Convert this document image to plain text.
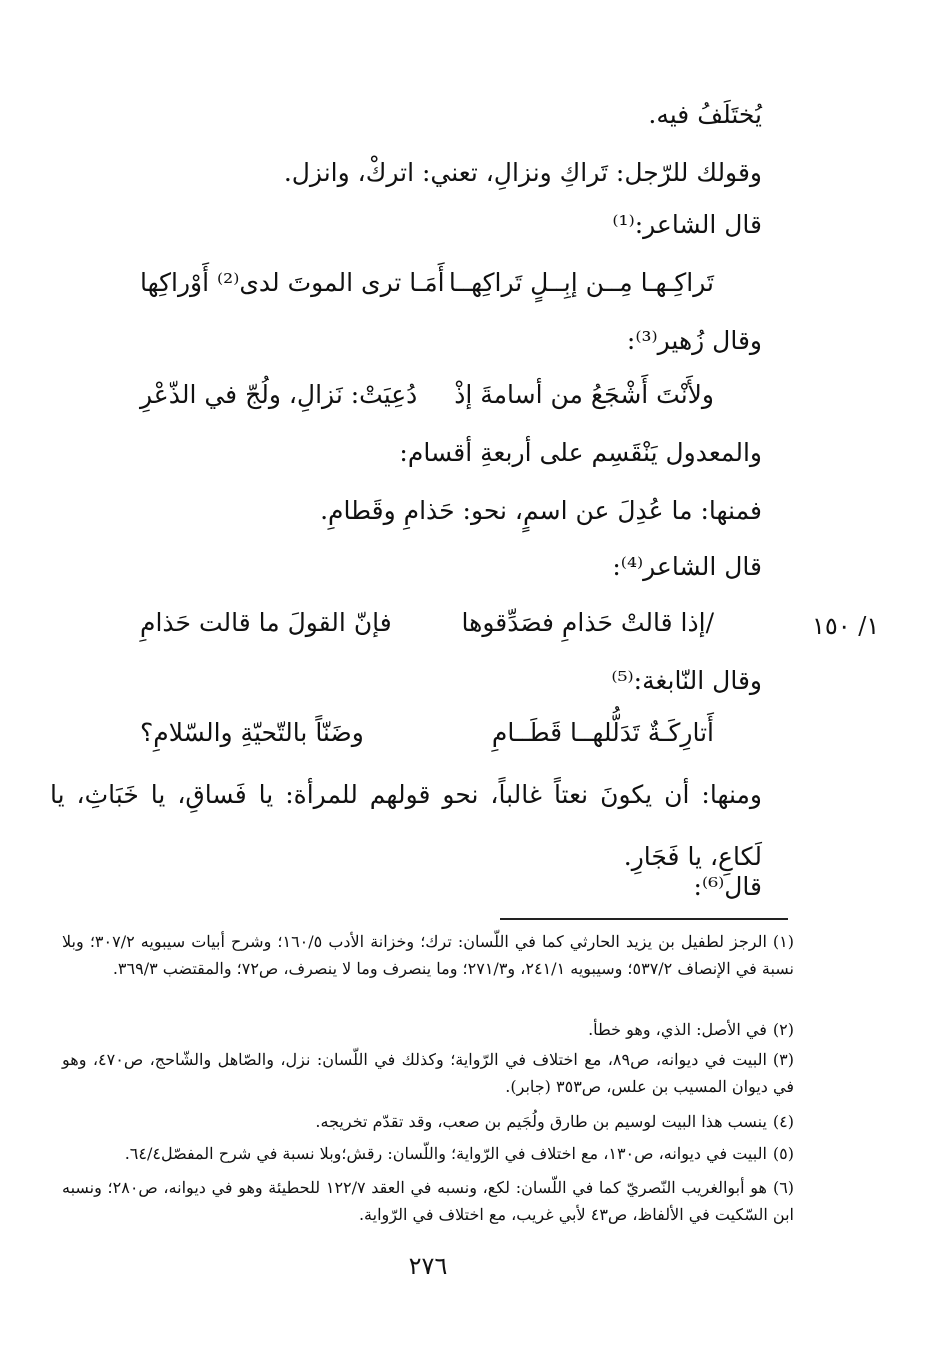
يُختَلَفُ فيه.
وقولك للرّجل: تَراكِ ونزالِ، تعني: اتركْ، وانزل.
قال الشاعر:⁽¹⁾
تَراكِـهـا مِــن إبِــلٍ تَراكِهــا
أَمَـا ترى الموتَ لدى⁽²⁾ أَوْراكِها
وقال زُهير⁽³⁾:
ولأَنْتَ أَشْجَعُ من أسامةَ إذْ
دُعِيَتْ: نَزالِ، ولُجّ في الذّعْرِ
والمعدول يَنْقَسِم على أربعةِ أقسام:
فمنها: ما عُدِلَ عن اسمٍ، نحو: حَذامِ وقَطامِ.
قال الشاعر⁽⁴⁾:
/إذا قالتْ حَذامِ فصَدِّقوها
فإنّ القولَ ما قالت حَذامِ	١/ ١٥٠
وقال النّابغة:⁽⁵⁾
أَتارِكَـةٌ تَدَلُّلهــا قَطَــامِ
وضَنّاً بالتّحيّةِ والسّلامِ؟
ومنها: أن يكونَ نعتاً غالباً، نحو قولهم للمرأة: يا فَساقِ، يا خَبَاثِ، يا لَكاعِ، يا فَجَارِ.
قال⁽⁶⁾:
(١)الرجز لطفيل بن يزيد الحارثي كما في اللّسان: ترك؛ وخزانة الأدب ١٦٠/٥؛ وشرح أبيات سيبويه ٣٠٧/٢؛ وبلا نسبة في الإنصاف ٥٣٧/٢؛ وسيبويه ٢٤١/١، و٢٧١/٣؛ وما ينصرف وما لا ينصرف، ص٧٢؛ والمقتضب ٣٦٩/٣.
(٢)في الأصل: الذي، وهو خطأ.
(٣)البيت في ديوانه، ص٨٩، مع اختلاف في الرّواية؛ وكذلك في اللّسان: نزل، والصّاهل والشّاحج، ص٤٧٠، وهو في ديوان المسيب بن علس، ص٣٥٣ (جابر).
(٤)ينسب هذا البيت لوسيم بن طارق ولُجَيم بن صعب، وقد تقدّم تخريجه.
(٥)البيت في ديوانه، ص١٣٠، مع اختلاف في الرّواية؛ واللّسان: رقش؛وبلا نسبة في شرح المفصّل٦٤/٤.
(٦)هو أبوالغريب النّصريّ كما في اللّسان: لكع، ونسبه في العقد ١٢٢/٧ للحطيئة وهو في ديوانه، ص٢٨٠؛ ونسبه ابن السّكيت في الألفاظ، ص٤٣ لأبي غريب، مع اختلاف في الرّواية.
٢٧٦
